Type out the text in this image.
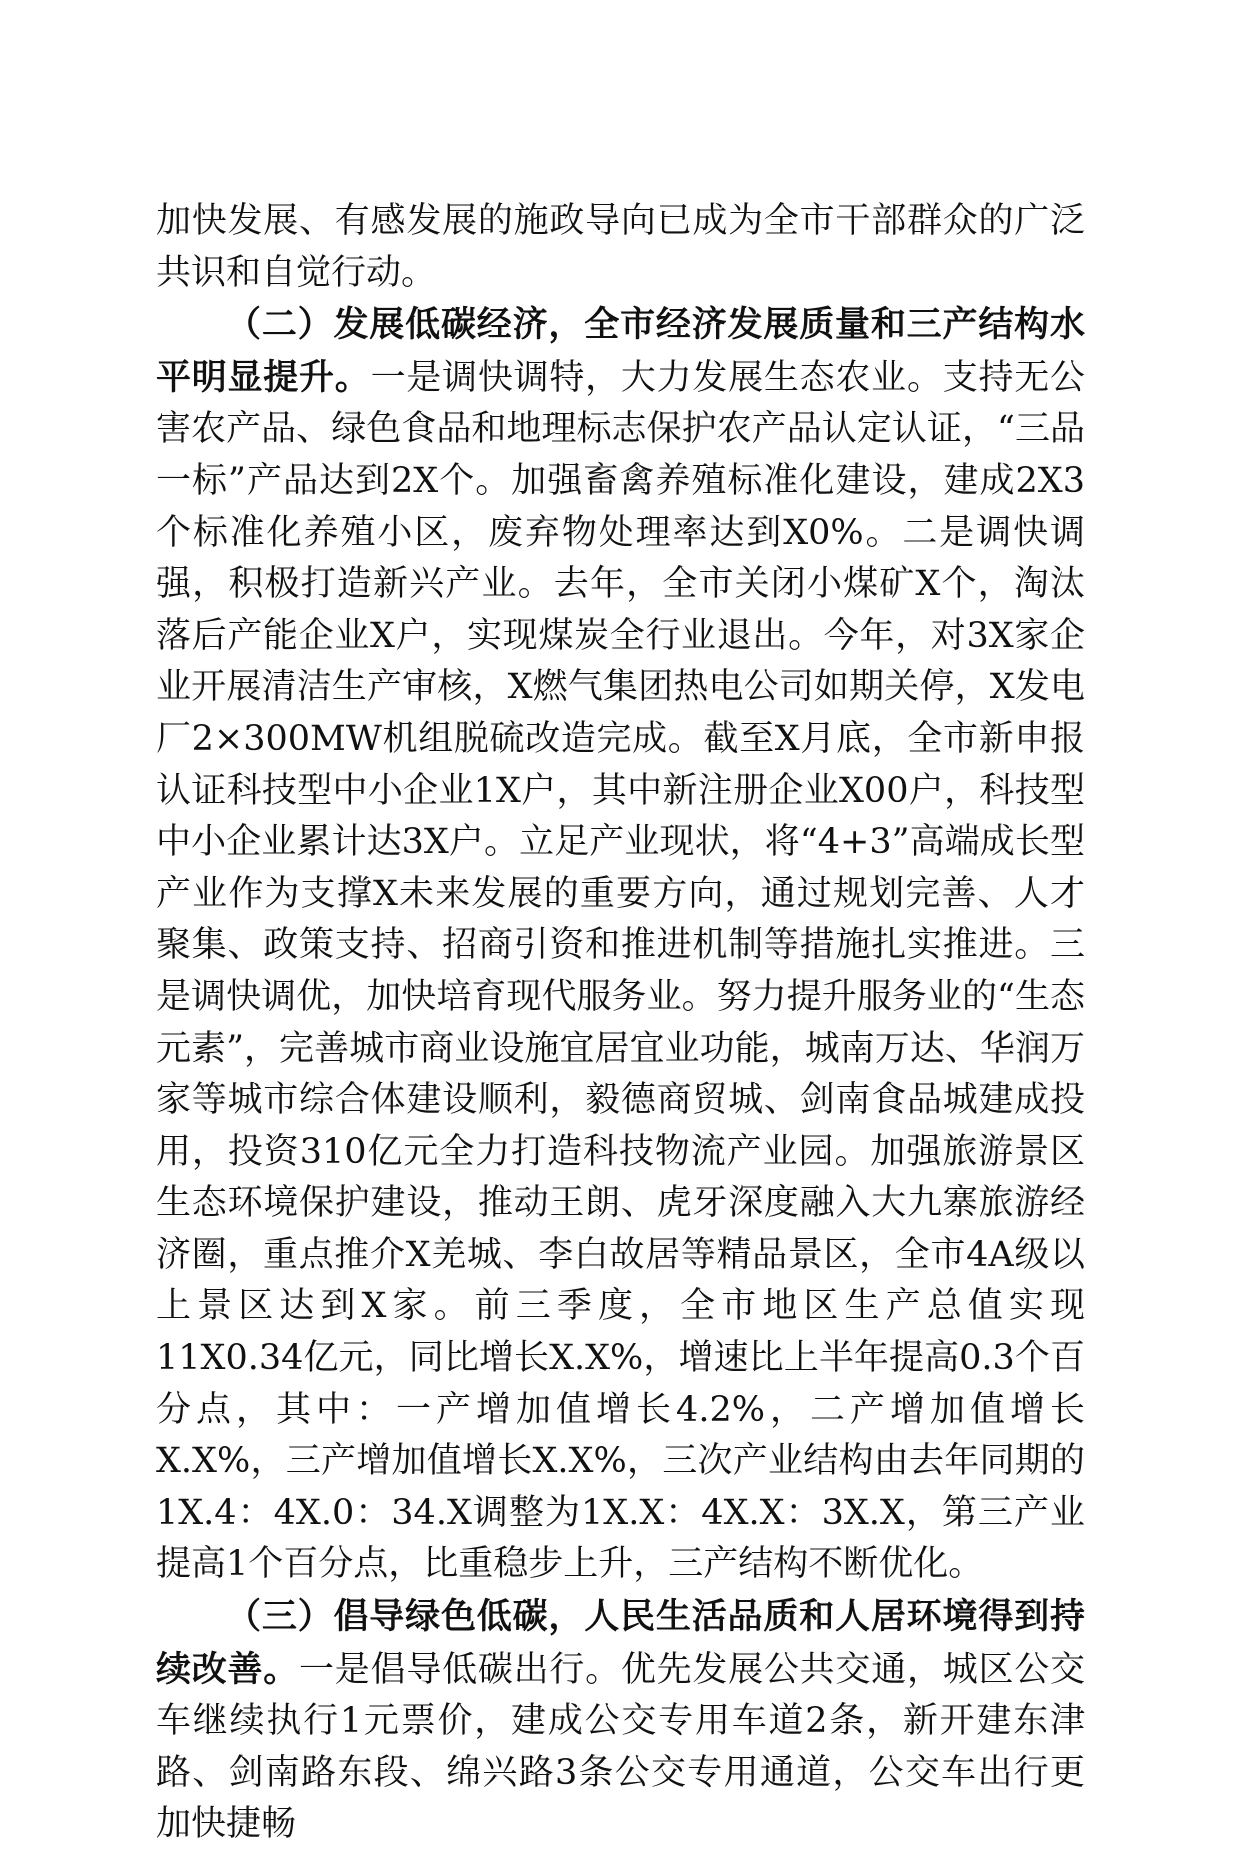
加快发展、有感发展的施政导向已成为全市干部群众的广泛共识和自觉行动。

（二）发展低碳经济，全市经济发展质量和三产结构水平明显提升。一是调快调特，大力发展生态农业。支持无公害农产品、绿色食品和地理标志保护农产品认定认证，“三品一标”产品达到2X个。加强畜禽养殖标准化建设，建成2X3个标准化养殖小区，废弃物处理率达到X0%。二是调快调强，积极打造新兴产业。去年，全市关闭小煤矿X个，淘汰落后产能企业X户，实现煤炭全行业退出。今年，对3X家企业开展清洁生产审核，X燃气集团热电公司如期关停，X发电厂2×300MW机组脱硫改造完成。截至X月底，全市新申报认证科技型中小企业1X户，其中新注册企业X00户，科技型中小企业累计达3X户。立足产业现状，将“4+3”高端成长型产业作为支撑X未来发展的重要方向，通过规划完善、人才聚集、政策支持、招商引资和推进机制等措施扎实推进。三是调快调优，加快培育现代服务业。努力提升服务业的“生态元素”，完善城市商业设施宜居宜业功能，城南万达、华润万家等城市综合体建设顺利，毅德商贸城、剑南食品城建成投用，投资310亿元全力打造科技物流产业园。加强旅游景区生态环境保护建设，推动王朗、虎牙深度融入大九寨旅游经济圈，重点推介X羌城、李白故居等精品景区，全市4A级以上景区达到X家。前三季度，全市地区生产总值实现11X0.34亿元，同比增长X.X%，增速比上半年提高0.3个百分点，其中：一产增加值增长4.2%，二产增加值增长X.X%，三产增加值增长X.X%，三次产业结构由去年同期的1X.4：4X.0：34.X调整为1X.X：4X.X：3X.X，第三产业提高1个百分点，比重稳步上升，三产结构不断优化。

（三）倡导绿色低碳，人民生活品质和人居环境得到持续改善。一是倡导低碳出行。优先发展公共交通，城区公交车继续执行1元票价，建成公交专用车道2条，新开建东津路、剑南路东段、绵兴路3条公交专用通道，公交车出行更加快捷畅
